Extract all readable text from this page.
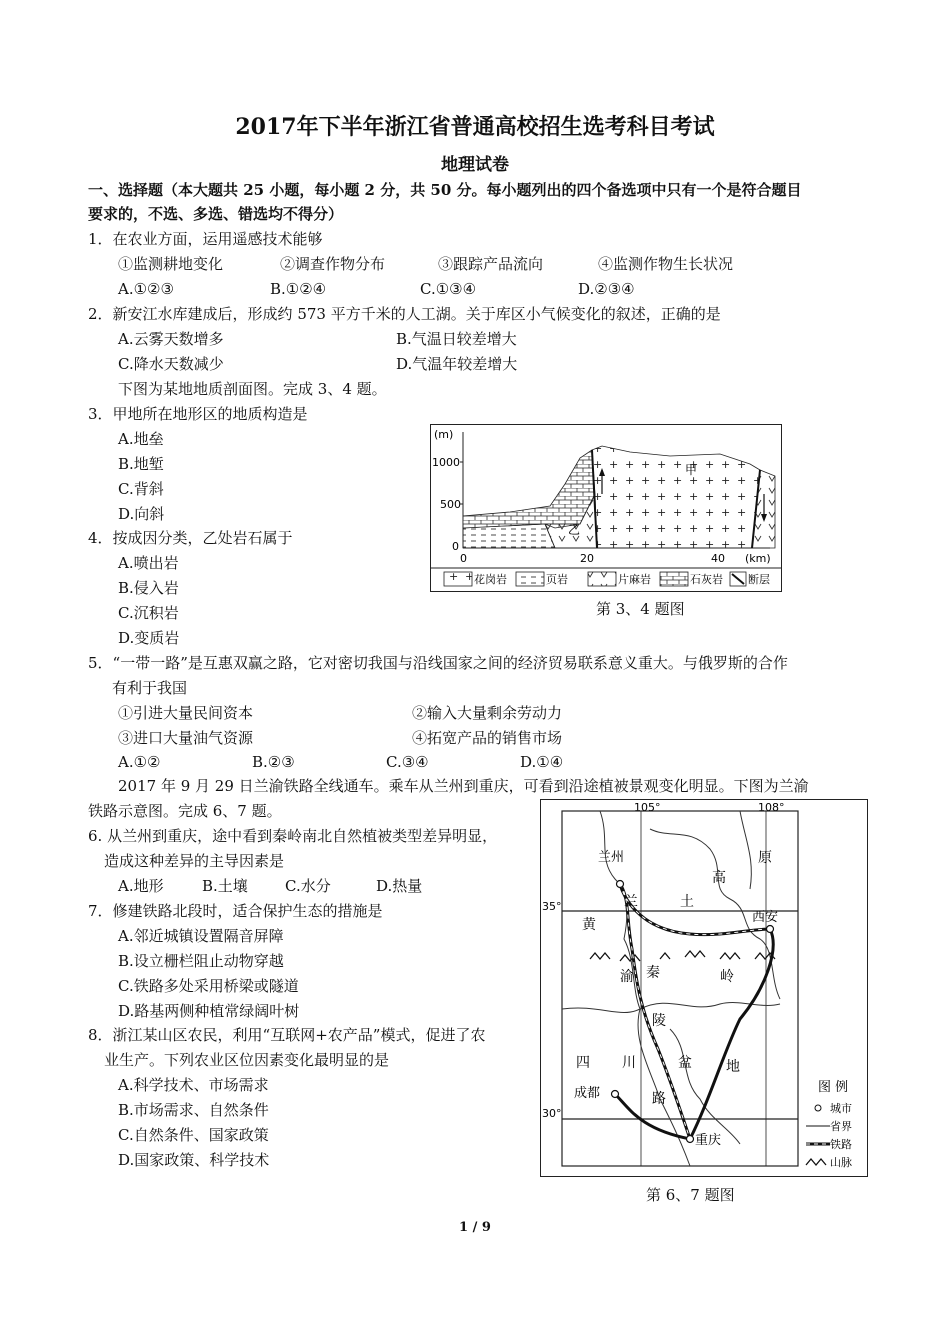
2017年下半年浙江省普通高校招生选考科目考试
地理试卷
一、选择题（本大题共 25 小题，每小题 2 分，共 50 分。每小题列出的四个备选项中只有一个是符合题目
要求的，不选、多选、错选均不得分）
1．在农业方面，运用遥感技术能够
①监测耕地变化	②调查作物分布	③跟踪产品流向	④监测作物生长状况
A.①②③	B.①②④	C.①③④	D.②③④
2．新安江水库建成后，形成约 573 平方千米的人工湖。关于库区小气候变化的叙述，正确的是
A.云雾天数增多	B.气温日较差增大
C.降水天数减少	D.气温年较差增大
下图为某地地质剖面图。完成 3、4 题。
3．甲地所在地形区的地质构造是
A.地垒
B.地堑
C.背斜
D.向斜
4．按成因分类，乙处岩石属于
A.喷出岩
B.侵入岩
C.沉积岩
D.变质岩
(m)
1000
500
0
甲
乙
0	20	40 (km)
花岗岩	页岩	片麻岩	石灰岩 断层
第 3、4 题图
5．“一带一路”是互惠双赢之路，它对密切我国与沿线国家之间的经济贸易联系意义重大。与俄罗斯的合作
有利于我国
①引进大量民间资本	②输入大量剩余劳动力
③进口大量油气资源	④拓宽产品的销售市场
A.①②	B.②③	C.③④	D.①④
2017 年 9 月 29 日兰渝铁路全线通车。乘车从兰州到重庆，可看到沿途植被景观变化明显。下图为兰渝
铁路示意图。完成 6、7 题。
6. 从兰州到重庆，途中看到秦岭南北自然植被类型差异明显，
造成这种差异的主导因素是
A.地形	B.土壤 C.水分	D.热量
7．修建铁路北段时，适合保护生态的措施是
A.邻近城镇设置隔音屏障
B.设立栅栏阻止动物穿越
C.铁路多处采用桥梁或隧道
D.路基两侧种植常绿阔叶树
8．浙江某山区农民，利用“互联网+农产品”模式，促进了农
业生产。下列农业区位因素变化最明显的是
A.科学技术、市场需求
B.市场需求、自然条件
C.自然条件、国家政策
D.国家政策、科学技术
105°	108°
35°
30°
兰州
西安
成都
重庆
高
原
土
兰
黄
渝 秦	岭
陵
盆 地
四 川
路
图 例
城市
省界
铁路
山脉
第 6、7 题图
1 / 9
